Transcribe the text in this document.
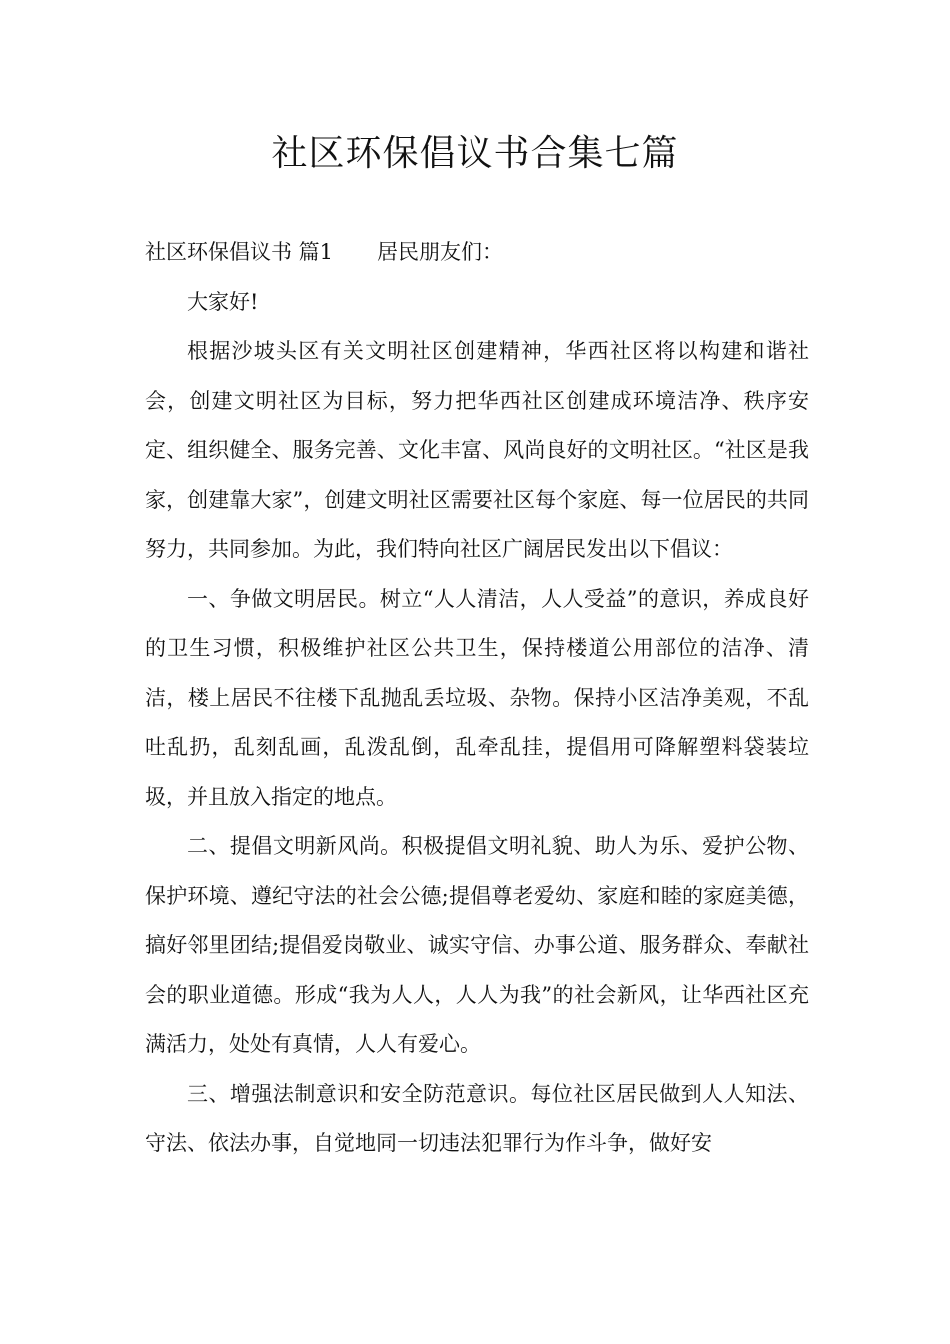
社区环保倡议书合集七篇

社区环保倡议书 篇1 居民朋友们：

大家好!

根据沙坡头区有关文明社区创建精神，华西社区将以构建和谐社会，创建文明社区为目标，努力把华西社区创建成环境洁净、秩序安定、组织健全、服务完善、文化丰富、风尚良好的文明社区。“社区是我家，创建靠大家”，创建文明社区需要社区每个家庭、每一位居民的共同努力，共同参加。为此，我们特向社区广阔居民发出以下倡议：

一、争做文明居民。树立“人人清洁，人人受益”的意识，养成良好的卫生习惯，积极维护社区公共卫生，保持楼道公用部位的洁净、清洁，楼上居民不往楼下乱抛乱丢垃圾、杂物。保持小区洁净美观，不乱吐乱扔，乱刻乱画，乱泼乱倒，乱牵乱挂，提倡用可降解塑料袋装垃圾，并且放入指定的地点。

二、提倡文明新风尚。积极提倡文明礼貌、助人为乐、爱护公物、保护环境、遵纪守法的社会公德;提倡尊老爱幼、家庭和睦的家庭美德，搞好邻里团结;提倡爱岗敬业、诚实守信、办事公道、服务群众、奉献社会的职业道德。形成“我为人人，人人为我”的社会新风，让华西社区充满活力，处处有真情，人人有爱心。

三、增强法制意识和安全防范意识。每位社区居民做到人人知法、守法、依法办事，自觉地同一切违法犯罪行为作斗争，做好安
